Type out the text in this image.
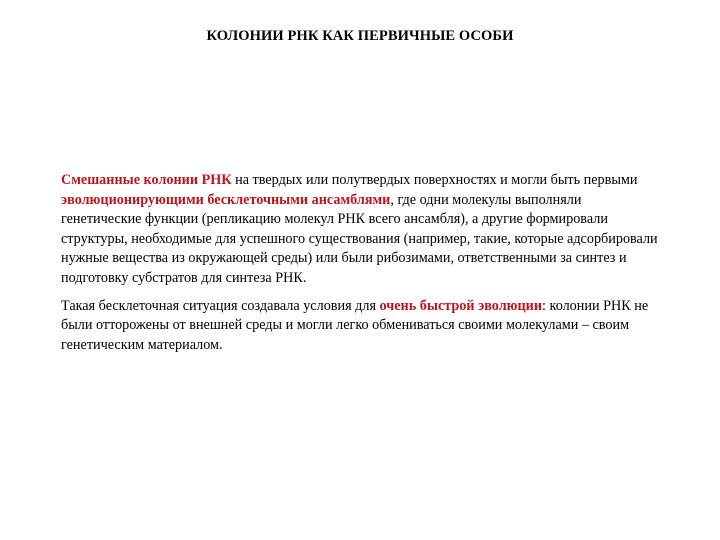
КОЛОНИИ РНК КАК ПЕРВИЧНЫЕ ОСОБИ

Смешанные колонии РНК на твердых или полутвердых поверхностях и могли быть первыми эволюционирующими бесклеточными ансамблями, где одни молекулы выполняли генетические функции (репликацию молекул РНК всего ансамбля), а другие формировали структуры, необходимые для успешного существования (например, такие, которые адсорбировали нужные вещества из окружающей среды) или были рибозимами, ответственными за синтез и подготовку субстратов для синтеза РНК.

Такая бесклеточная ситуация создавала условия для очень быстрой эволюции: колонии РНК не были отторожены от внешней среды и могли легко обмениваться своими молекулами – своим генетическим материалом.
